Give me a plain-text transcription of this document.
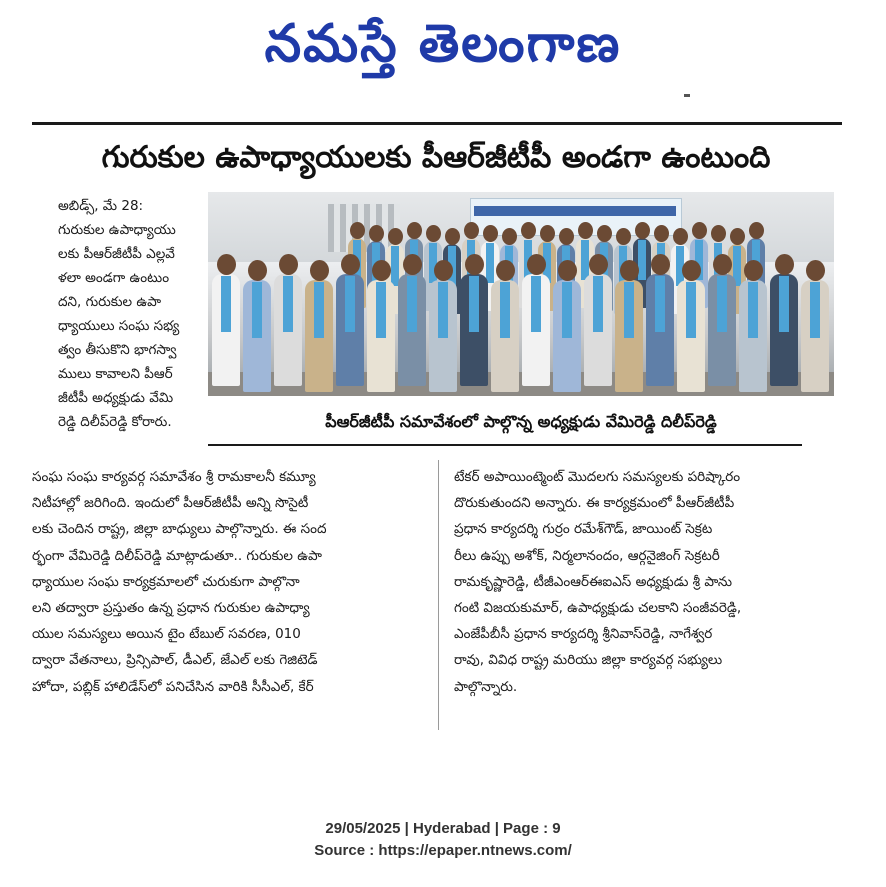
నమస్తే తెలంగాణ
గురుకుల ఉపాధ్యాయులకు పీఆర్‌జీటీపీ అండగా ఉంటుంది
అబిడ్స్‌, మే 28:
గురుకుల ఉపాధ్యాయు
లకు పీఆర్‌జీటీపీ ఎల్లవే
ళలా అండగా ఉంటుం
దని, గురుకుల ఉపా
ధ్యాయులు సంఘ సభ్య
త్వం తీసుకొని భాగస్వా
ములు కావాలని పీఆర్‌
జీటీపీ అధ్యక్షుడు వేమి
రెడ్డి దిలీప్‌రెడ్డి కోరారు.	పీఆర్‌జీటీపీ సమావేశంలో పాల్గొన్న అధ్యక్షుడు వేమిరెడ్డి దిలీప్‌రెడ్డి
సంఘ సంఘ కార్యవర్గ సమావేశం శ్రీ రామకాలనీ కమ్యూ
నిటీహాల్లో జరిగింది. ఇందులో పీఆర్‌జీటీపీ అన్ని సొసైటీ
లకు చెందిన రాష్ట్ర, జిల్లా బాధ్యులు పాల్గొన్నారు. ఈ సంద
ర్భంగా వేమిరెడ్డి దిలీప్‌రెడ్డి మాట్లాడుతూ.. గురుకుల ఉపా
ధ్యాయుల సంఘ కార్యక్రమాలలో చురుకుగా పాల్గొనా
లని తద్వారా ప్రస్తుతం ఉన్న ప్రధాన గురుకుల ఉపాధ్యా
యుల సమస్యలు అయిన టైం టేబుల్‌ సవరణ, 010
ద్వారా వేతనాలు, ప్రిన్సిపాల్‌, డీఎల్‌, జేఎల్‌ లకు గెజిటెడ్‌
హోదా, పబ్లిక్‌ హాలిడేస్‌లో పనిచేసిన వారికి సీసీఎల్‌, కేర్‌
టేకర్‌ అపాయింట్మెంట్‌ మొదలగు సమస్యలకు పరిష్కారం
దొరుకుతుందని అన్నారు. ఈ కార్యక్రమంలో పీఆర్‌జీటీపీ
ప్రధాన కార్యదర్శి గుర్రం రమేశ్‌గౌడ్‌, జాయింట్‌ సెక్రట
రీలు ఉప్పు అశోక్‌, నిర్మలానందం, ఆర్గనైజింగ్‌ సెక్రటరీ
రామకృష్ణారెడ్డి, టీజీఎంఆర్‌ఈఐఎస్‌ అధ్యక్షుడు శ్రీ పాను
గంటి విజయకుమార్‌, ఉపాధ్యక్షుడు చలకాని సంజీవరెడ్డి,
ఎంజేపీబీసీ ప్రధాన కార్యదర్శి శ్రీనివాస్‌రెడ్డి, నాగేశ్వర
రావు, వివిధ రాష్ట్ర మరియు జిల్లా కార్యవర్గ సభ్యులు
పాల్గొన్నారు.
29/05/2025 | Hyderabad | Page : 9
Source : https://epaper.ntnews.com/
